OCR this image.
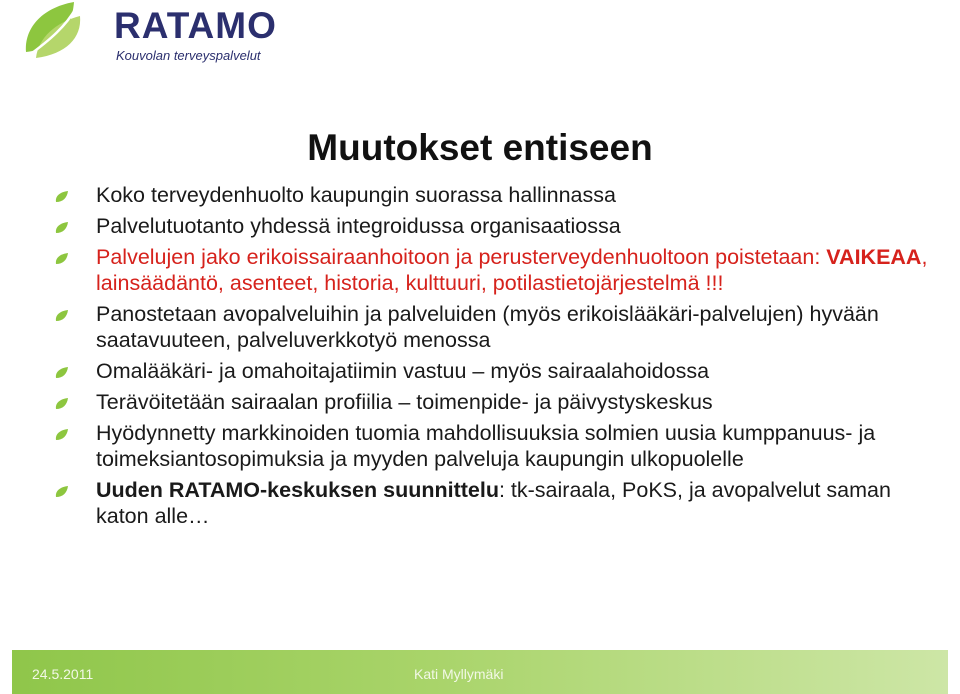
RATAMO

Kouvolan terveyspalvelut

Muutokset entiseen
Koko terveydenhuolto kaupungin suorassa hallinnassa
Palvelutuotanto yhdessä integroidussa organisaatiossa
Palvelujen jako erikoissairaanhoitoon ja perusterveydenhuoltoon poistetaan: VAIKEAA, lainsäädäntö, asenteet, historia, kulttuuri, potilastietojärjestelmä !!!
Panostetaan avopalveluihin ja palveluiden (myös erikoislääkäri-palvelujen) hyvään saatavuuteen, palveluverkkotyö menossa
Omalääkäri- ja omahoitajatiimin vastuu – myös sairaalahoidossa
Terävöitetään sairaalan profiilia – toimenpide- ja päivystyskeskus
Hyödynnetty markkinoiden tuomia mahdollisuuksia solmien uusia kumppanuus- ja toimeksiantosopimuksia ja myyden palveluja kaupungin ulkopuolelle
Uuden RATAMO-keskuksen suunnittelu: tk-sairaala, PoKS, ja avopalvelut saman katon alle…
24.5.2011	Kati Myllymäki
